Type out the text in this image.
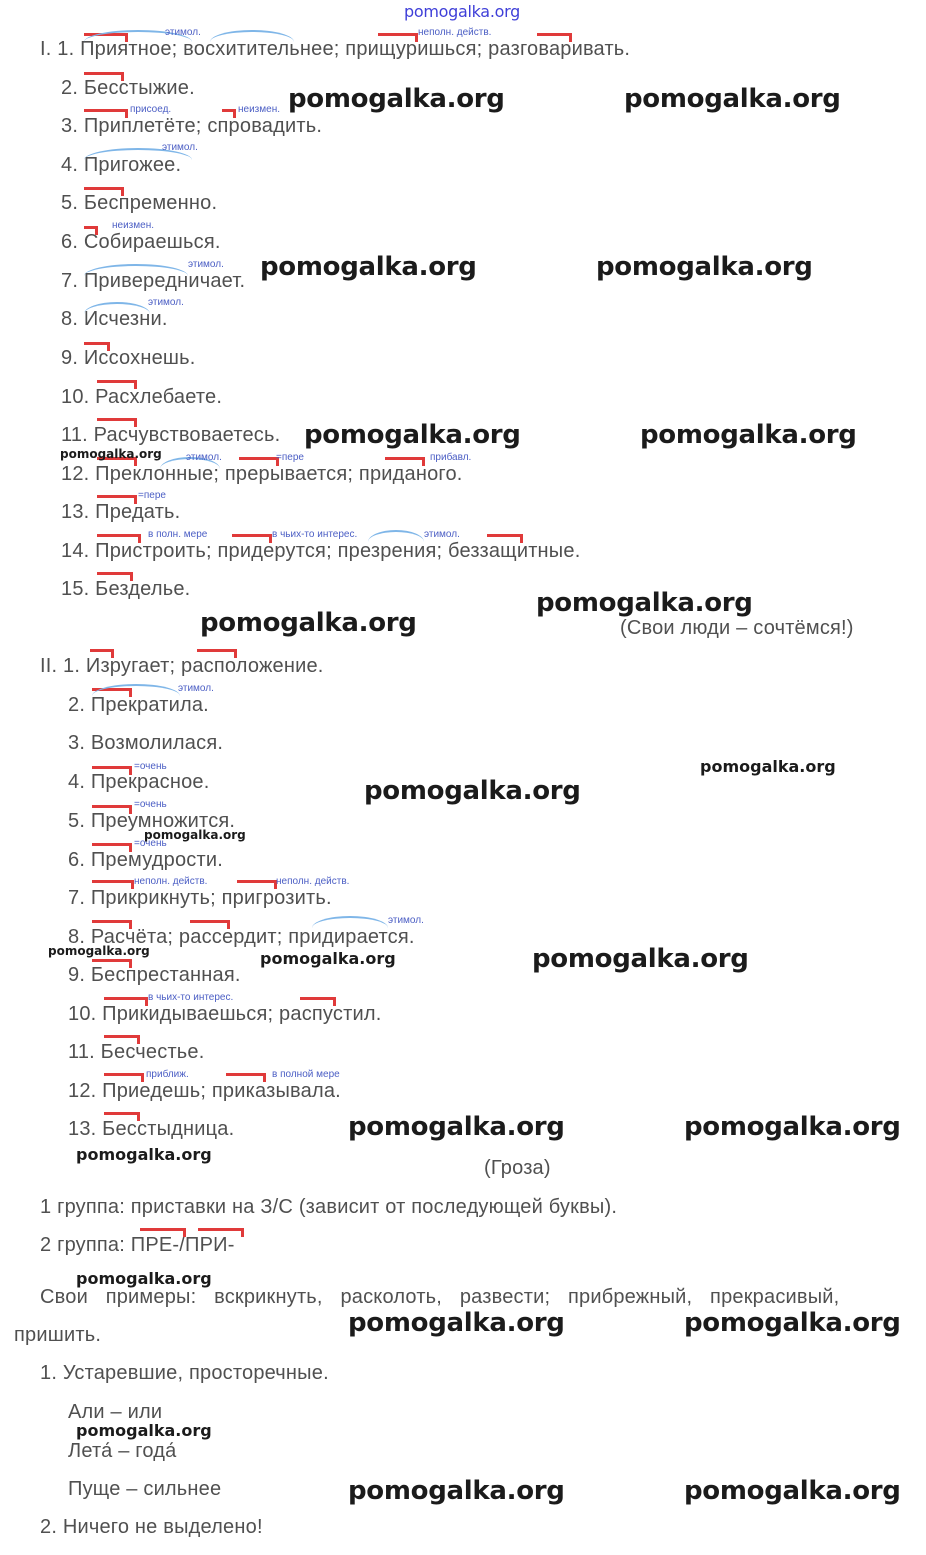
pomogalka.org
I. 1. Приятное; восхитительнее; прищуришься; разговаривать.
2. Бесстыжие.
3. Приплетёте; спровадить.
4. Пригожее.
5. Беспременно.
6. Собираешься.
7. Привередничает.
8. Исчезни.
9. Иссохнешь.
10. Расхлебаете.
11. Расчувствоваетесь.
12. Преклонные; прерывается; приданого.
13. Предать.
14. Пристроить; придерутся; презрения; беззащитные.
15. Безделье.
(Свои люди – сочтёмся!)
II. 1. Изругает; расположение.
2. Прекратила.
3. Возмолилася.
4. Прекрасное.
5. Преумножится.
6. Премудрости.
7. Прикрикнуть; пригрозить.
8. Расчёта; рассердит; придирается.
9. Беспрестанная.
10. Прикидываешься; распустил.
11. Бесчестье.
12. Приедешь; приказывала.
13. Бесстыдница.
(Гроза)
1 группа: приставки на З/С (зависит от последующей буквы).
2 группа: ПРЕ-/ПРИ-
Свои примеры: вскрикнуть, расколоть, развести; прибрежный, прекрасивый,
пришить.
1. Устаревшие, просторечные.
Али – или
Лета́ – года́
Пуще – сильнее
2. Ничего не выделено!
этимол.	неполн. действ.
присоед.	неизмен.
этимол.
неизмен.
этимол.
этимол.
этимол.	=пере	прибавл.
=пере
в полн. мере	в чьих-то интерес.	этимол.
этимол.
=очень
=очень
=очень
неполн. действ.	неполн. действ.
этимол.
в чьих-то интерес.
приближ.	в полной мере
pomogalka.org	pomogalka.org
pomogalka.org	pomogalka.org
pomogalka.org	pomogalka.org
pomogalka.org
pomogalka.org
pomogalka.org
pomogalka.org
pomogalka.org
pomogalka.org
pomogalka.org	pomogalka.org
pomogalka.org
pomogalka.org	pomogalka.org
pomogalka.org
pomogalka.org
pomogalka.org	pomogalka.org
pomogalka.org
pomogalka.org	pomogalka.org
